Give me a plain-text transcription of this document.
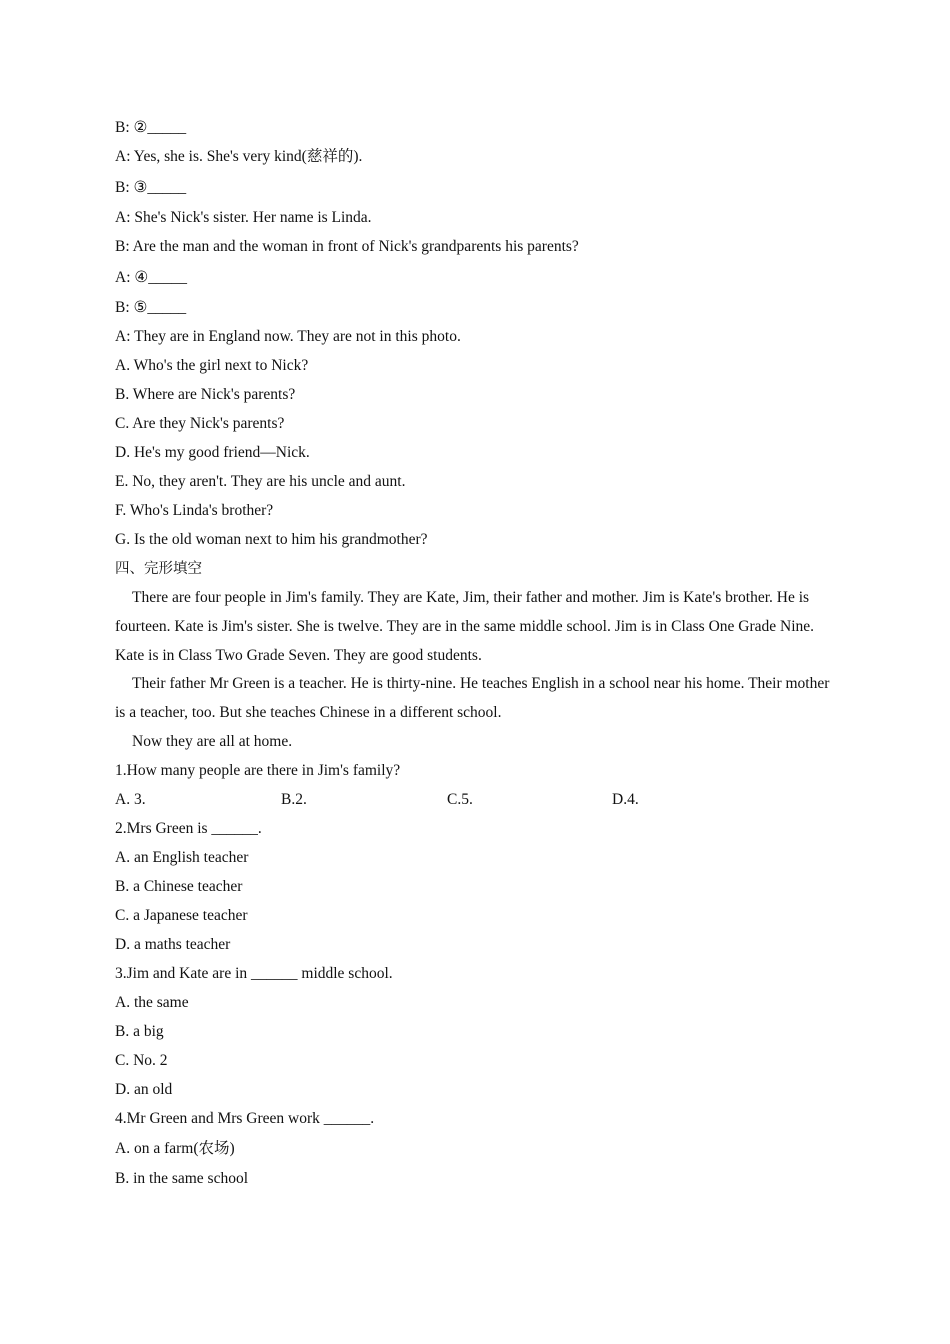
B: ②_____
A: Yes, she is. She's very kind(慈祥的).
B: ③_____
A: She's Nick's sister. Her name is Linda.
B: Are the man and the woman in front of Nick's grandparents his parents?
A: ④_____
B: ⑤_____
A: They are in England now. They are not in this photo.
A. Who's the girl next to Nick?
B. Where are Nick's parents?
C. Are they Nick's parents?
D. He's my good friend—Nick.
E. No, they aren't. They are his uncle and aunt.
F. Who's Linda's brother?
G. Is the old woman next to him his grandmother?
四、完形填空
There are four people in Jim's family. They are Kate, Jim, their father and mother. Jim is Kate's brother. He is fourteen. Kate is Jim's sister. She is twelve. They are in the same middle school. Jim is in Class One Grade Nine. Kate is in Class Two Grade Seven. They are good students.
Their father Mr Green is a teacher. He is thirty-nine. He teaches English in a school near his home. Their mother is a teacher, too. But she teaches Chinese in a different school.
Now they are all at home.
1.How many people are there in Jim's family?
A. 3.	B.2.	C.5.	D.4.
2.Mrs Green is ______.
A. an English teacher
B. a Chinese teacher
C. a Japanese teacher
D. a maths teacher
3.Jim and Kate are in ______ middle school.
A. the same
B. a big
C. No. 2
D. an old
4.Mr Green and Mrs Green work ______.
A. on a farm(农场)
B. in the same school
